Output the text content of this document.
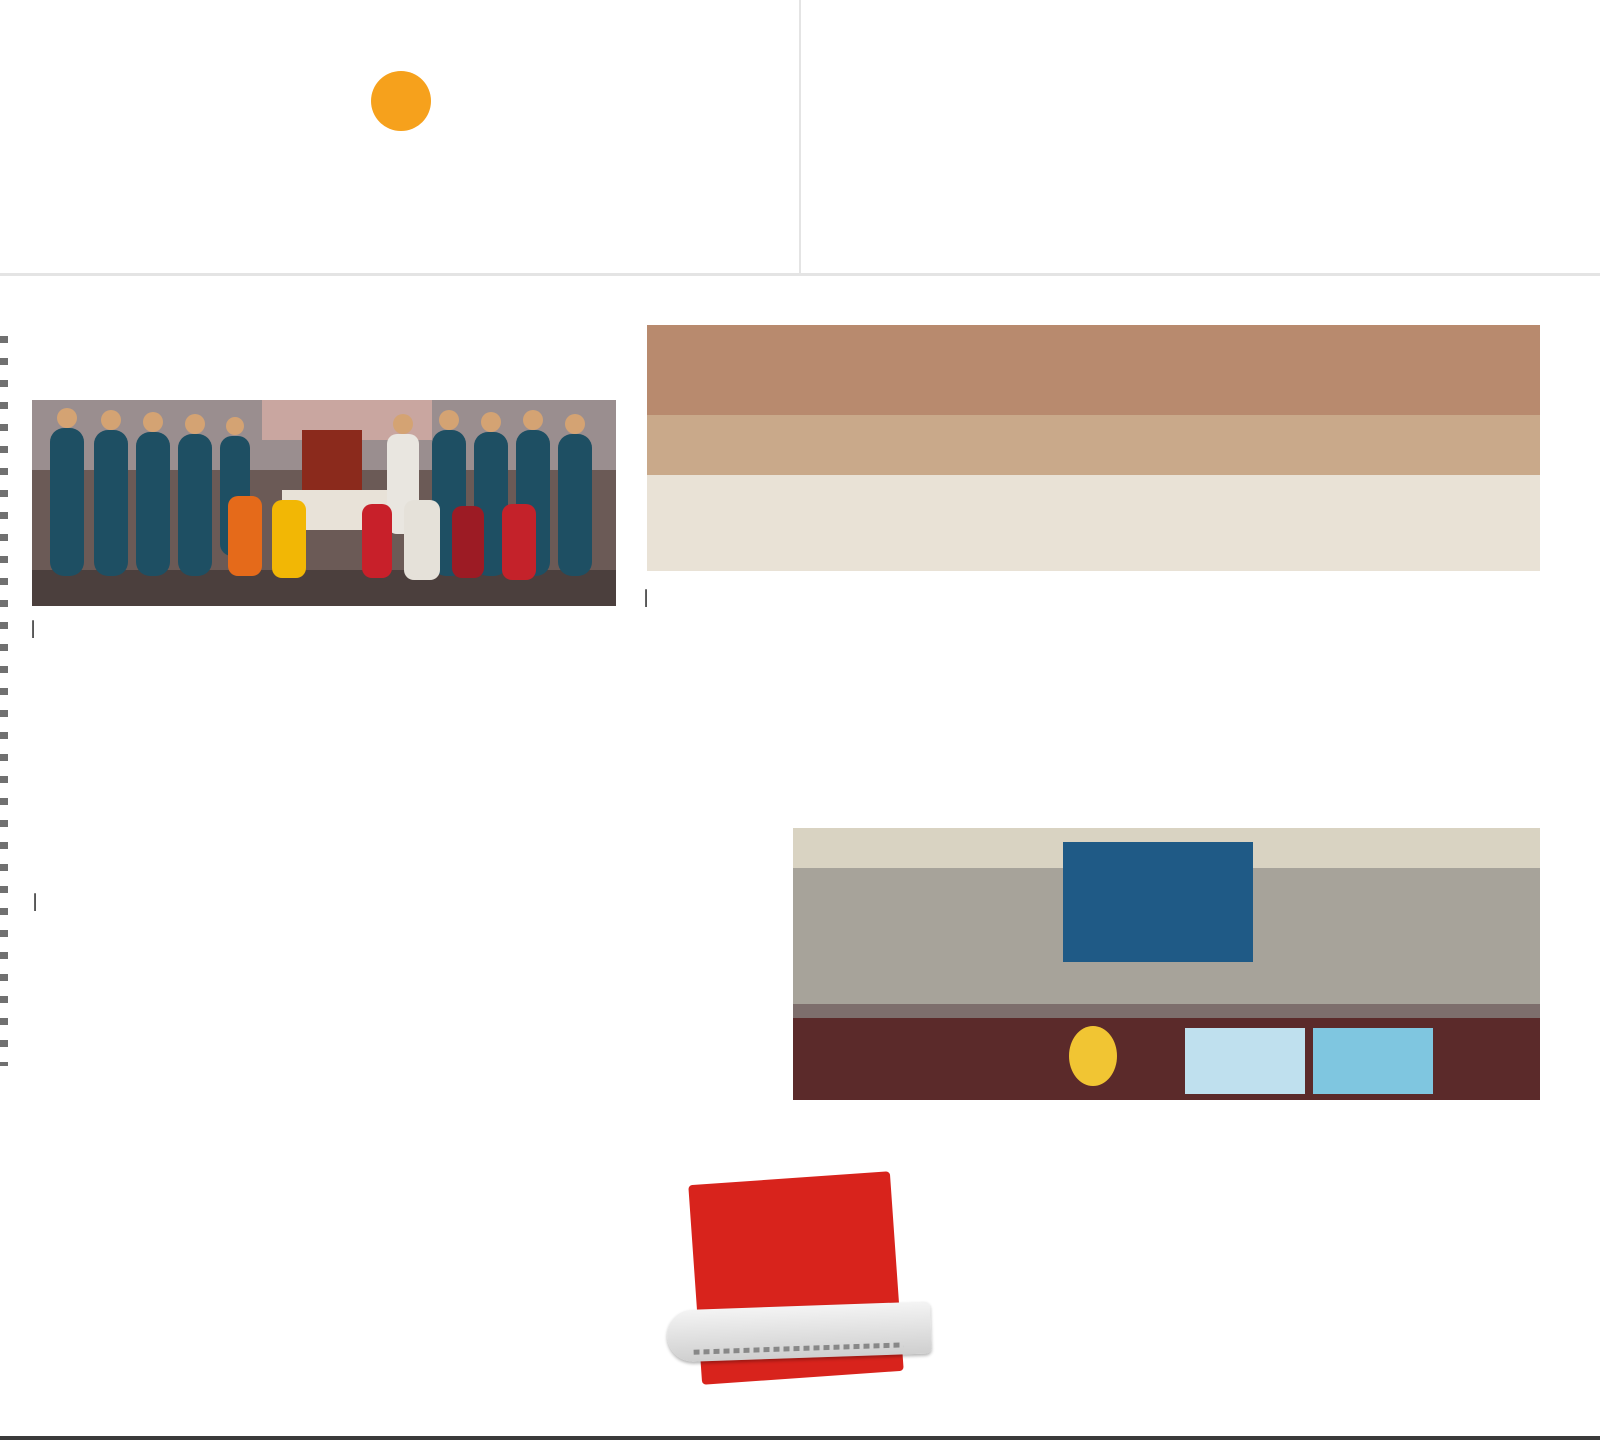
|
|
|
